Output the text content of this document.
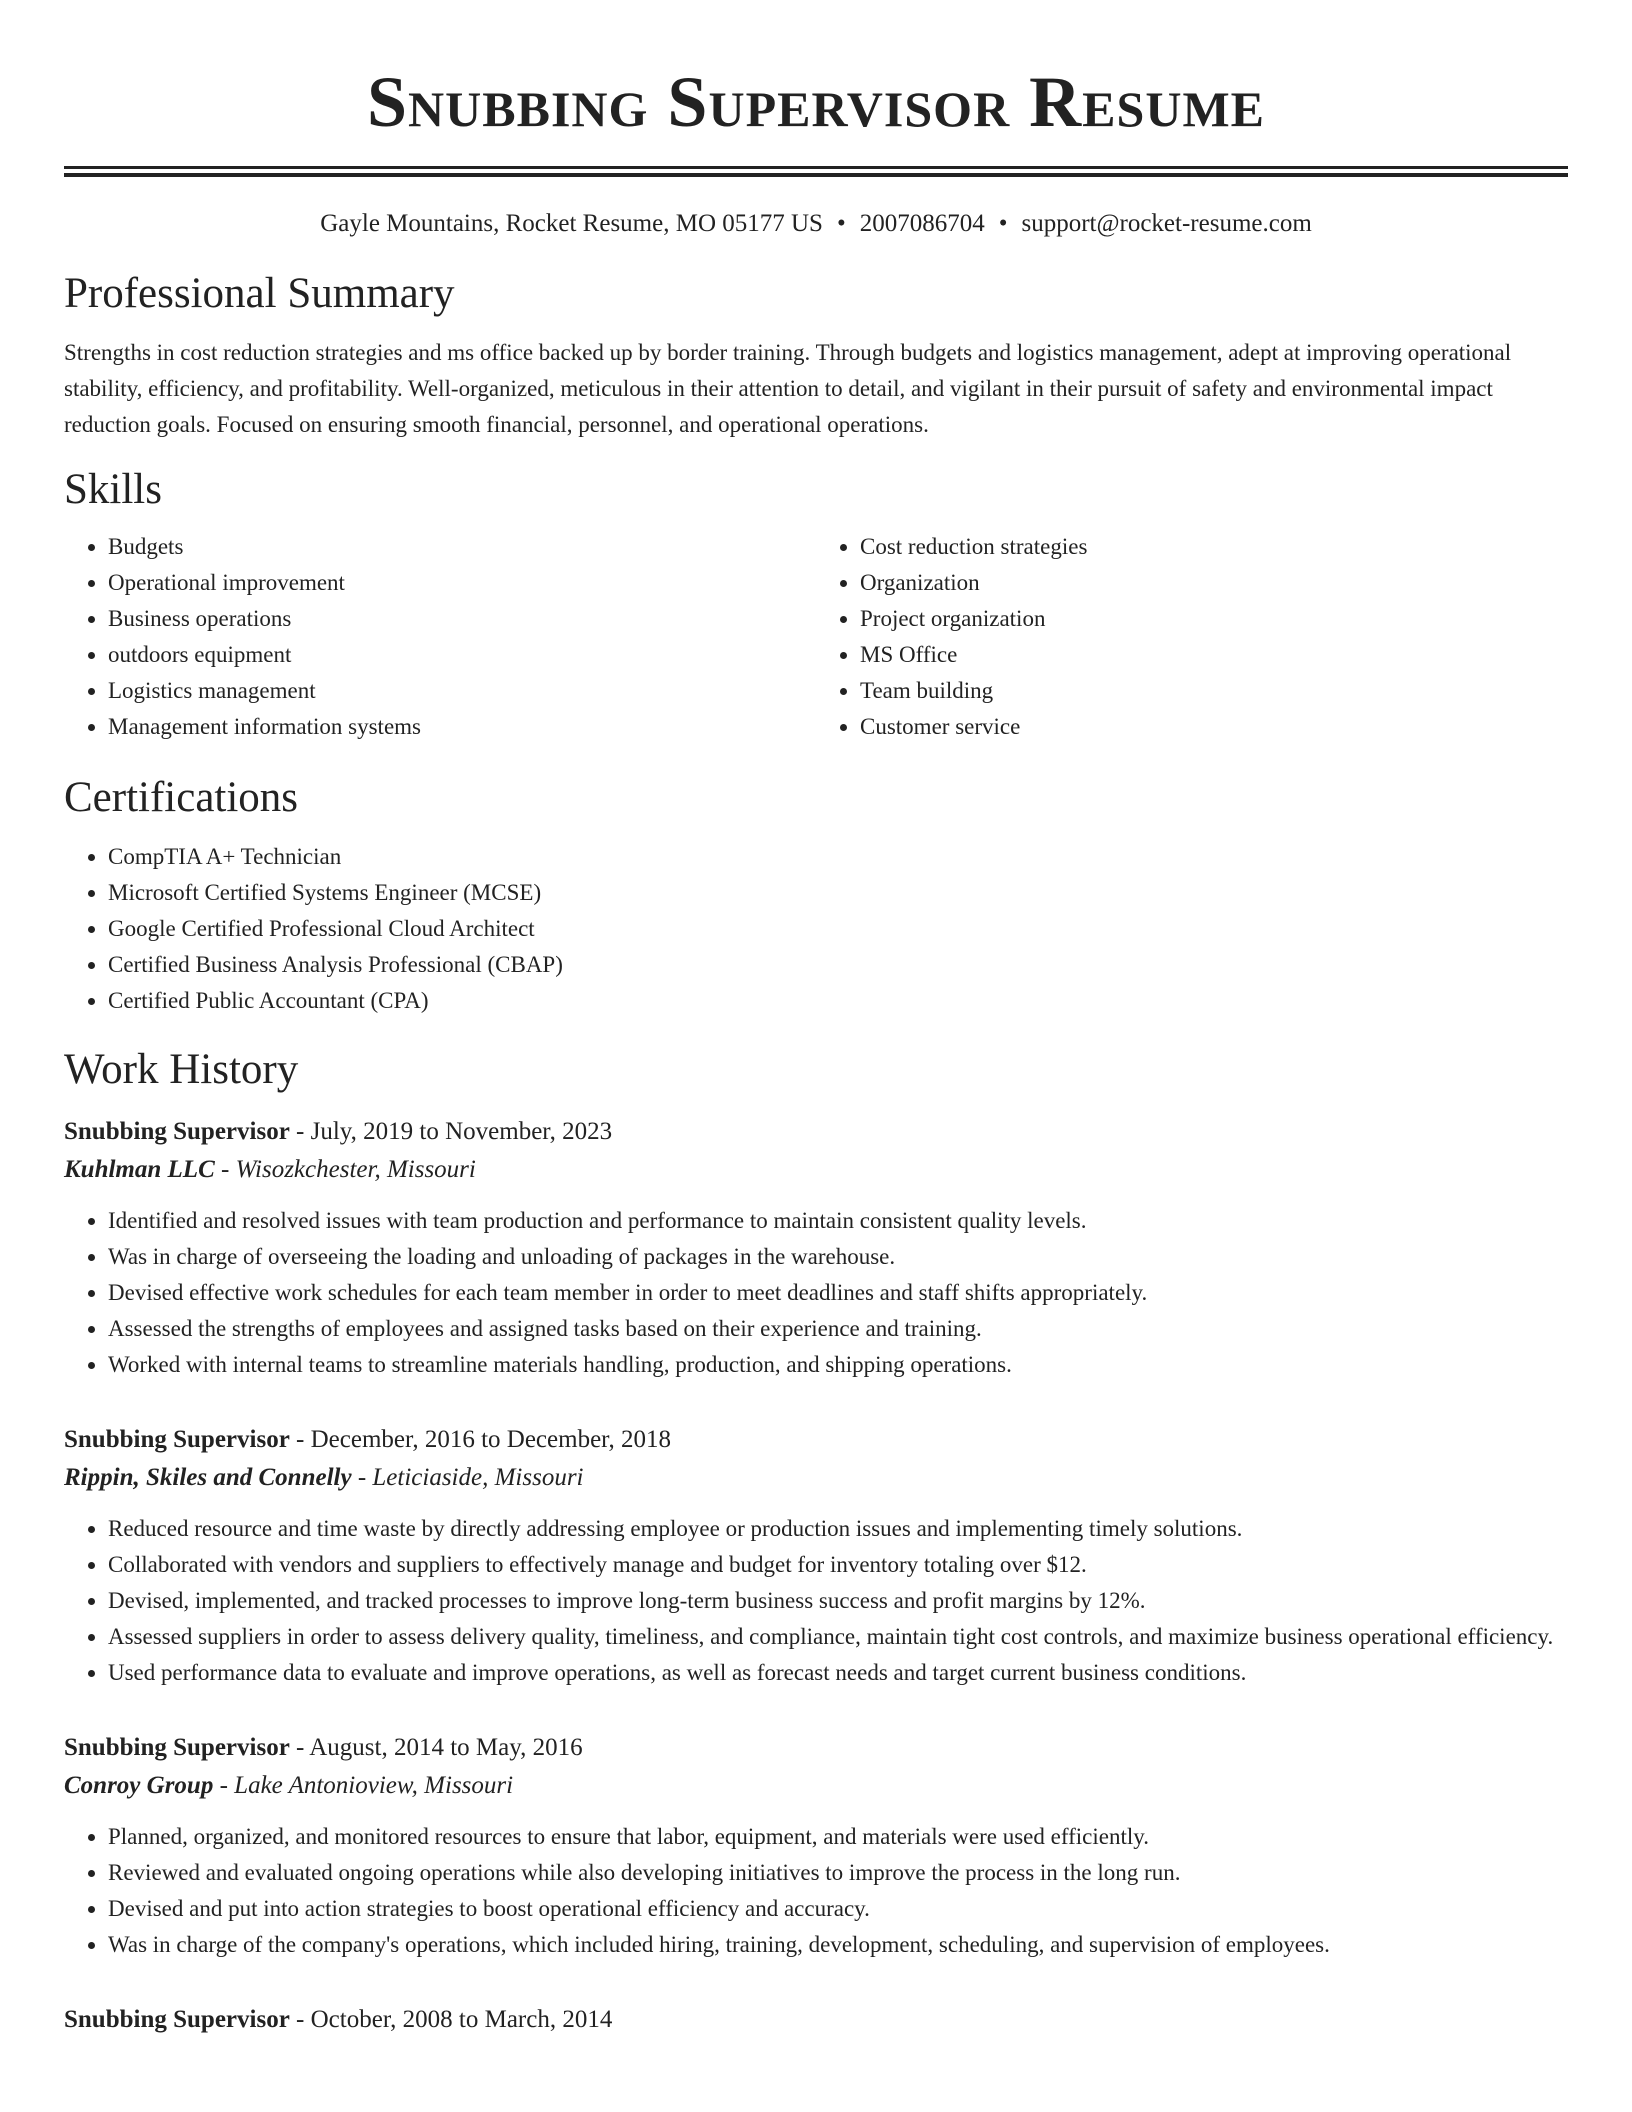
Snubbing Supervisor Resume
Gayle Mountains, Rocket Resume, MO 05177 US • 2007086704 • support@rocket-resume.com
Professional Summary

Strengths in cost reduction strategies and ms office backed up by border training. Through budgets and logistics management, adept at improving operational stability, efficiency, and profitability. Well-organized, meticulous in their attention to detail, and vigilant in their pursuit of safety and environmental impact reduction goals. Focused on ensuring smooth financial, personnel, and operational operations.

Skills
• Budgets
• Operational improvement
• Business operations
• outdoors equipment
• Logistics management
• Management information systems
• Cost reduction strategies
• Organization
• Project organization
• MS Office
• Team building
• Customer service
Certifications
• CompTIA A+ Technician
• Microsoft Certified Systems Engineer (MCSE)
• Google Certified Professional Cloud Architect
• Certified Business Analysis Professional (CBAP)
• Certified Public Accountant (CPA)
Work History
Snubbing Supervisor - July, 2019 to November, 2023
Kuhlman LLC - Wisozkchester, Missouri
• Identified and resolved issues with team production and performance to maintain consistent quality levels.
• Was in charge of overseeing the loading and unloading of packages in the warehouse.
• Devised effective work schedules for each team member in order to meet deadlines and staff shifts appropriately.
• Assessed the strengths of employees and assigned tasks based on their experience and training.
• Worked with internal teams to streamline materials handling, production, and shipping operations.
Snubbing Supervisor - December, 2016 to December, 2018
Rippin, Skiles and Connelly - Leticiaside, Missouri
• Reduced resource and time waste by directly addressing employee or production issues and implementing timely solutions.
• Collaborated with vendors and suppliers to effectively manage and budget for inventory totaling over $12.
• Devised, implemented, and tracked processes to improve long-term business success and profit margins by 12%.
• Assessed suppliers in order to assess delivery quality, timeliness, and compliance, maintain tight cost controls, and maximize business operational efficiency.
• Used performance data to evaluate and improve operations, as well as forecast needs and target current business conditions.
Snubbing Supervisor - August, 2014 to May, 2016
Conroy Group - Lake Antonioview, Missouri
• Planned, organized, and monitored resources to ensure that labor, equipment, and materials were used efficiently.
• Reviewed and evaluated ongoing operations while also developing initiatives to improve the process in the long run.
• Devised and put into action strategies to boost operational efficiency and accuracy.
• Was in charge of the company's operations, which included hiring, training, development, scheduling, and supervision of employees.
Snubbing Supervisor - October, 2008 to March, 2014
